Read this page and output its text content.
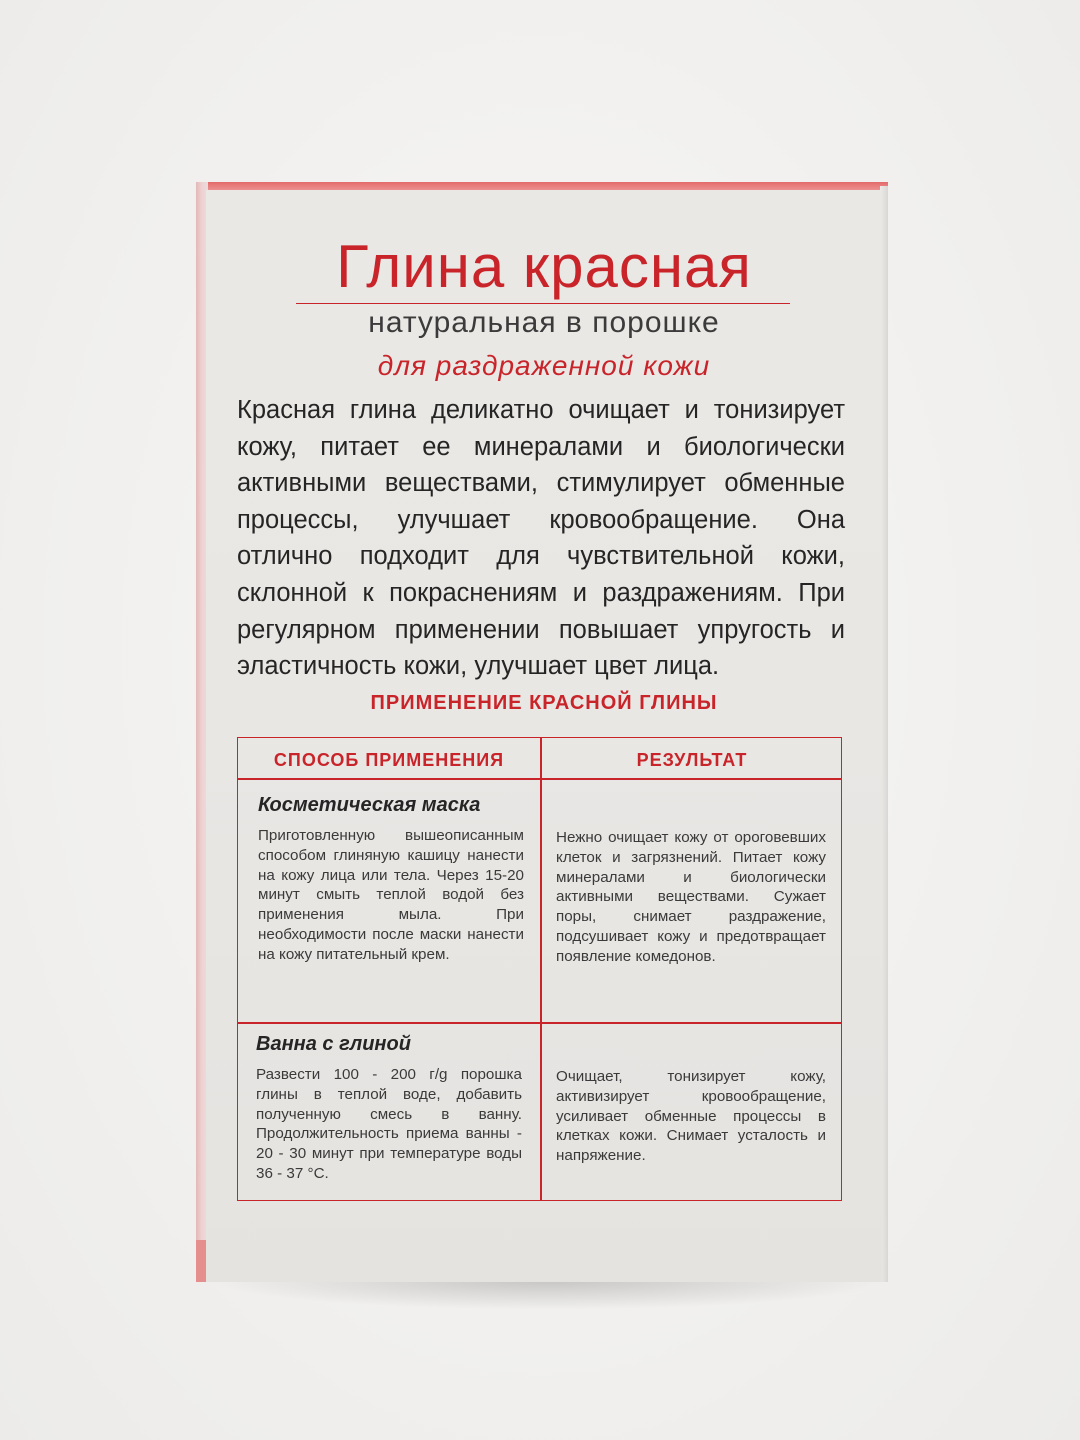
Глина красная
натуральная в порошке
для раздраженной кожи

Красная глина деликатно очищает и тонизирует кожу, питает ее минералами и биологически активными веществами, стимулирует обменные процессы, улучшает кровообращение. Она отлично подходит для чувствительной кожи, склонной к покраснениям и раздражениям. При регулярном применении повышает упругость и эластичность кожи, улучшает цвет лица.

ПРИМЕНЕНИЕ КРАСНОЙ ГЛИНЫ
СПОСОБ ПРИМЕНЕНИЯ	РЕЗУЛЬТАТ
Косметическая маска

Приготовленную вышеописанным способом глиняную кашицу нанести на кожу лица или тела. Через 15-20 минут смыть теплой водой без применения мыла. При необходимости после маски нанести на кожу питательный крем.

Нежно очищает кожу от ороговевших клеток и загрязнений. Питает кожу минералами и биологически активными веществами. Сужает поры, снимает раздражение, подсушивает кожу и предотвращает появление комедонов.

Ванна с глиной

Развести 100 - 200 г/g порошка глины в теплой воде, добавить полученную смесь в ванну. Продолжительность приема ванны - 20 - 30 минут при температуре воды 36 - 37 °С.

Очищает, тонизирует кожу, активизирует кровообращение, усиливает обменные процессы в клетках кожи. Снимает усталость и напряжение.
